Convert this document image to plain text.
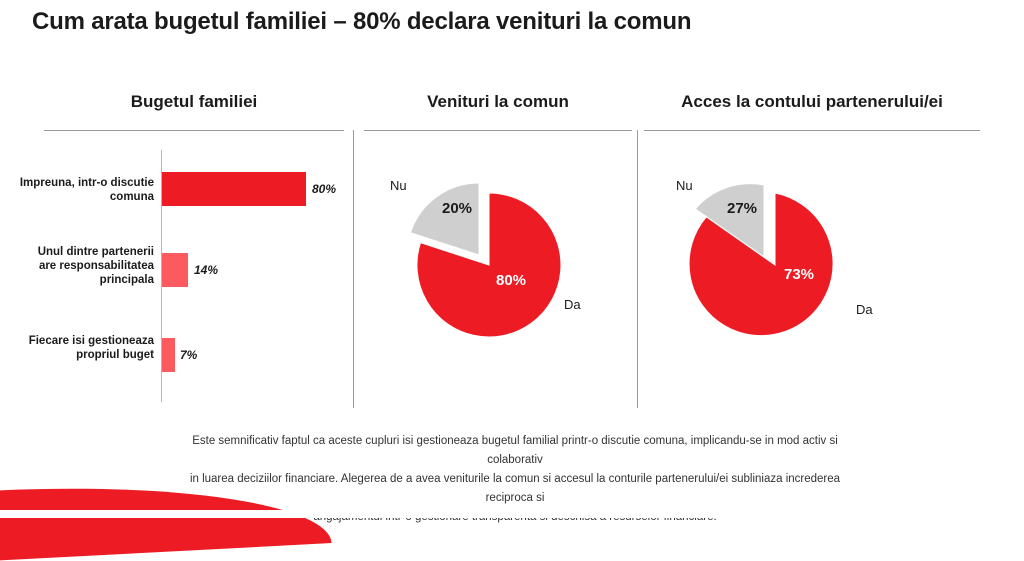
Cum arata bugetul familiei – 80% declara venituri la comun
Bugetul familiei	Venituri la comun	Acces la contului partenerului/ei
Impreuna, intr-o discutie comuna
80%
Unul dintre partenerii are responsabilitatea principala
14%
Fiecare isi gestioneaza propriul buget 7%
Nu
20%
Da
80%
Nu
27%
Da
73%
Este semnificativ faptul ca aceste cupluri isi gestioneaza bugetul familial printr-o discutie comuna, implicandu-se in mod activ si colaborativ
in luarea deciziilor financiare. Alegerea de a avea veniturile la comun si accesul la conturile partenerului/ei subliniaza increderea reciproca si
